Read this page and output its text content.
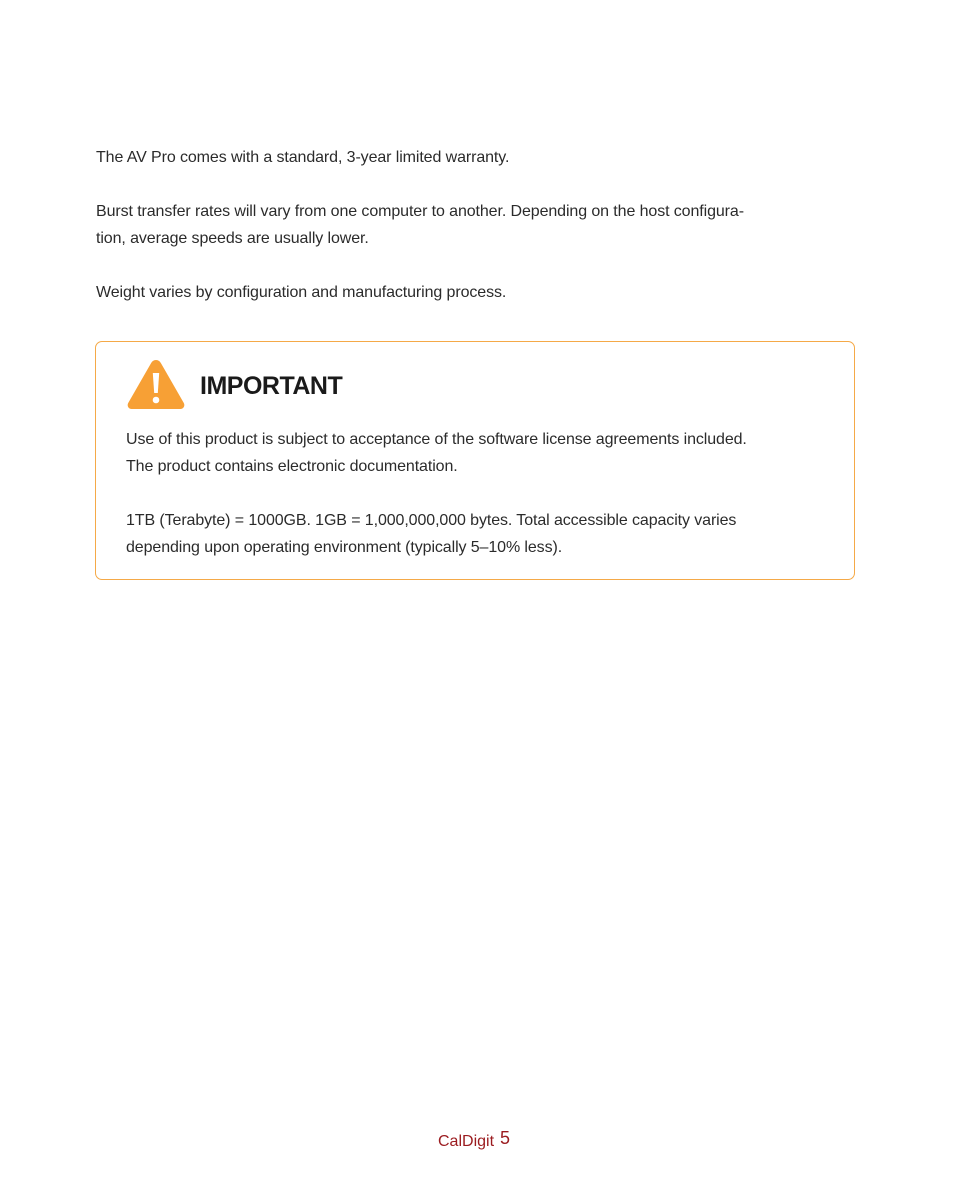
The AV Pro comes with a standard, 3-year limited warranty.

Burst transfer rates will vary from one computer to another. Depending on the host configura-
tion, average speeds are usually lower.

Weight varies by configuration and manufacturing process.

IMPORTANT

Use of this product is subject to acceptance of the software license agreements included.
The product contains electronic documentation.

1TB (Terabyte) = 1000GB. 1GB = 1,000,000,000 bytes. Total accessible capacity varies
depending upon operating environment (typically 5–10% less).

CalDigit 5
